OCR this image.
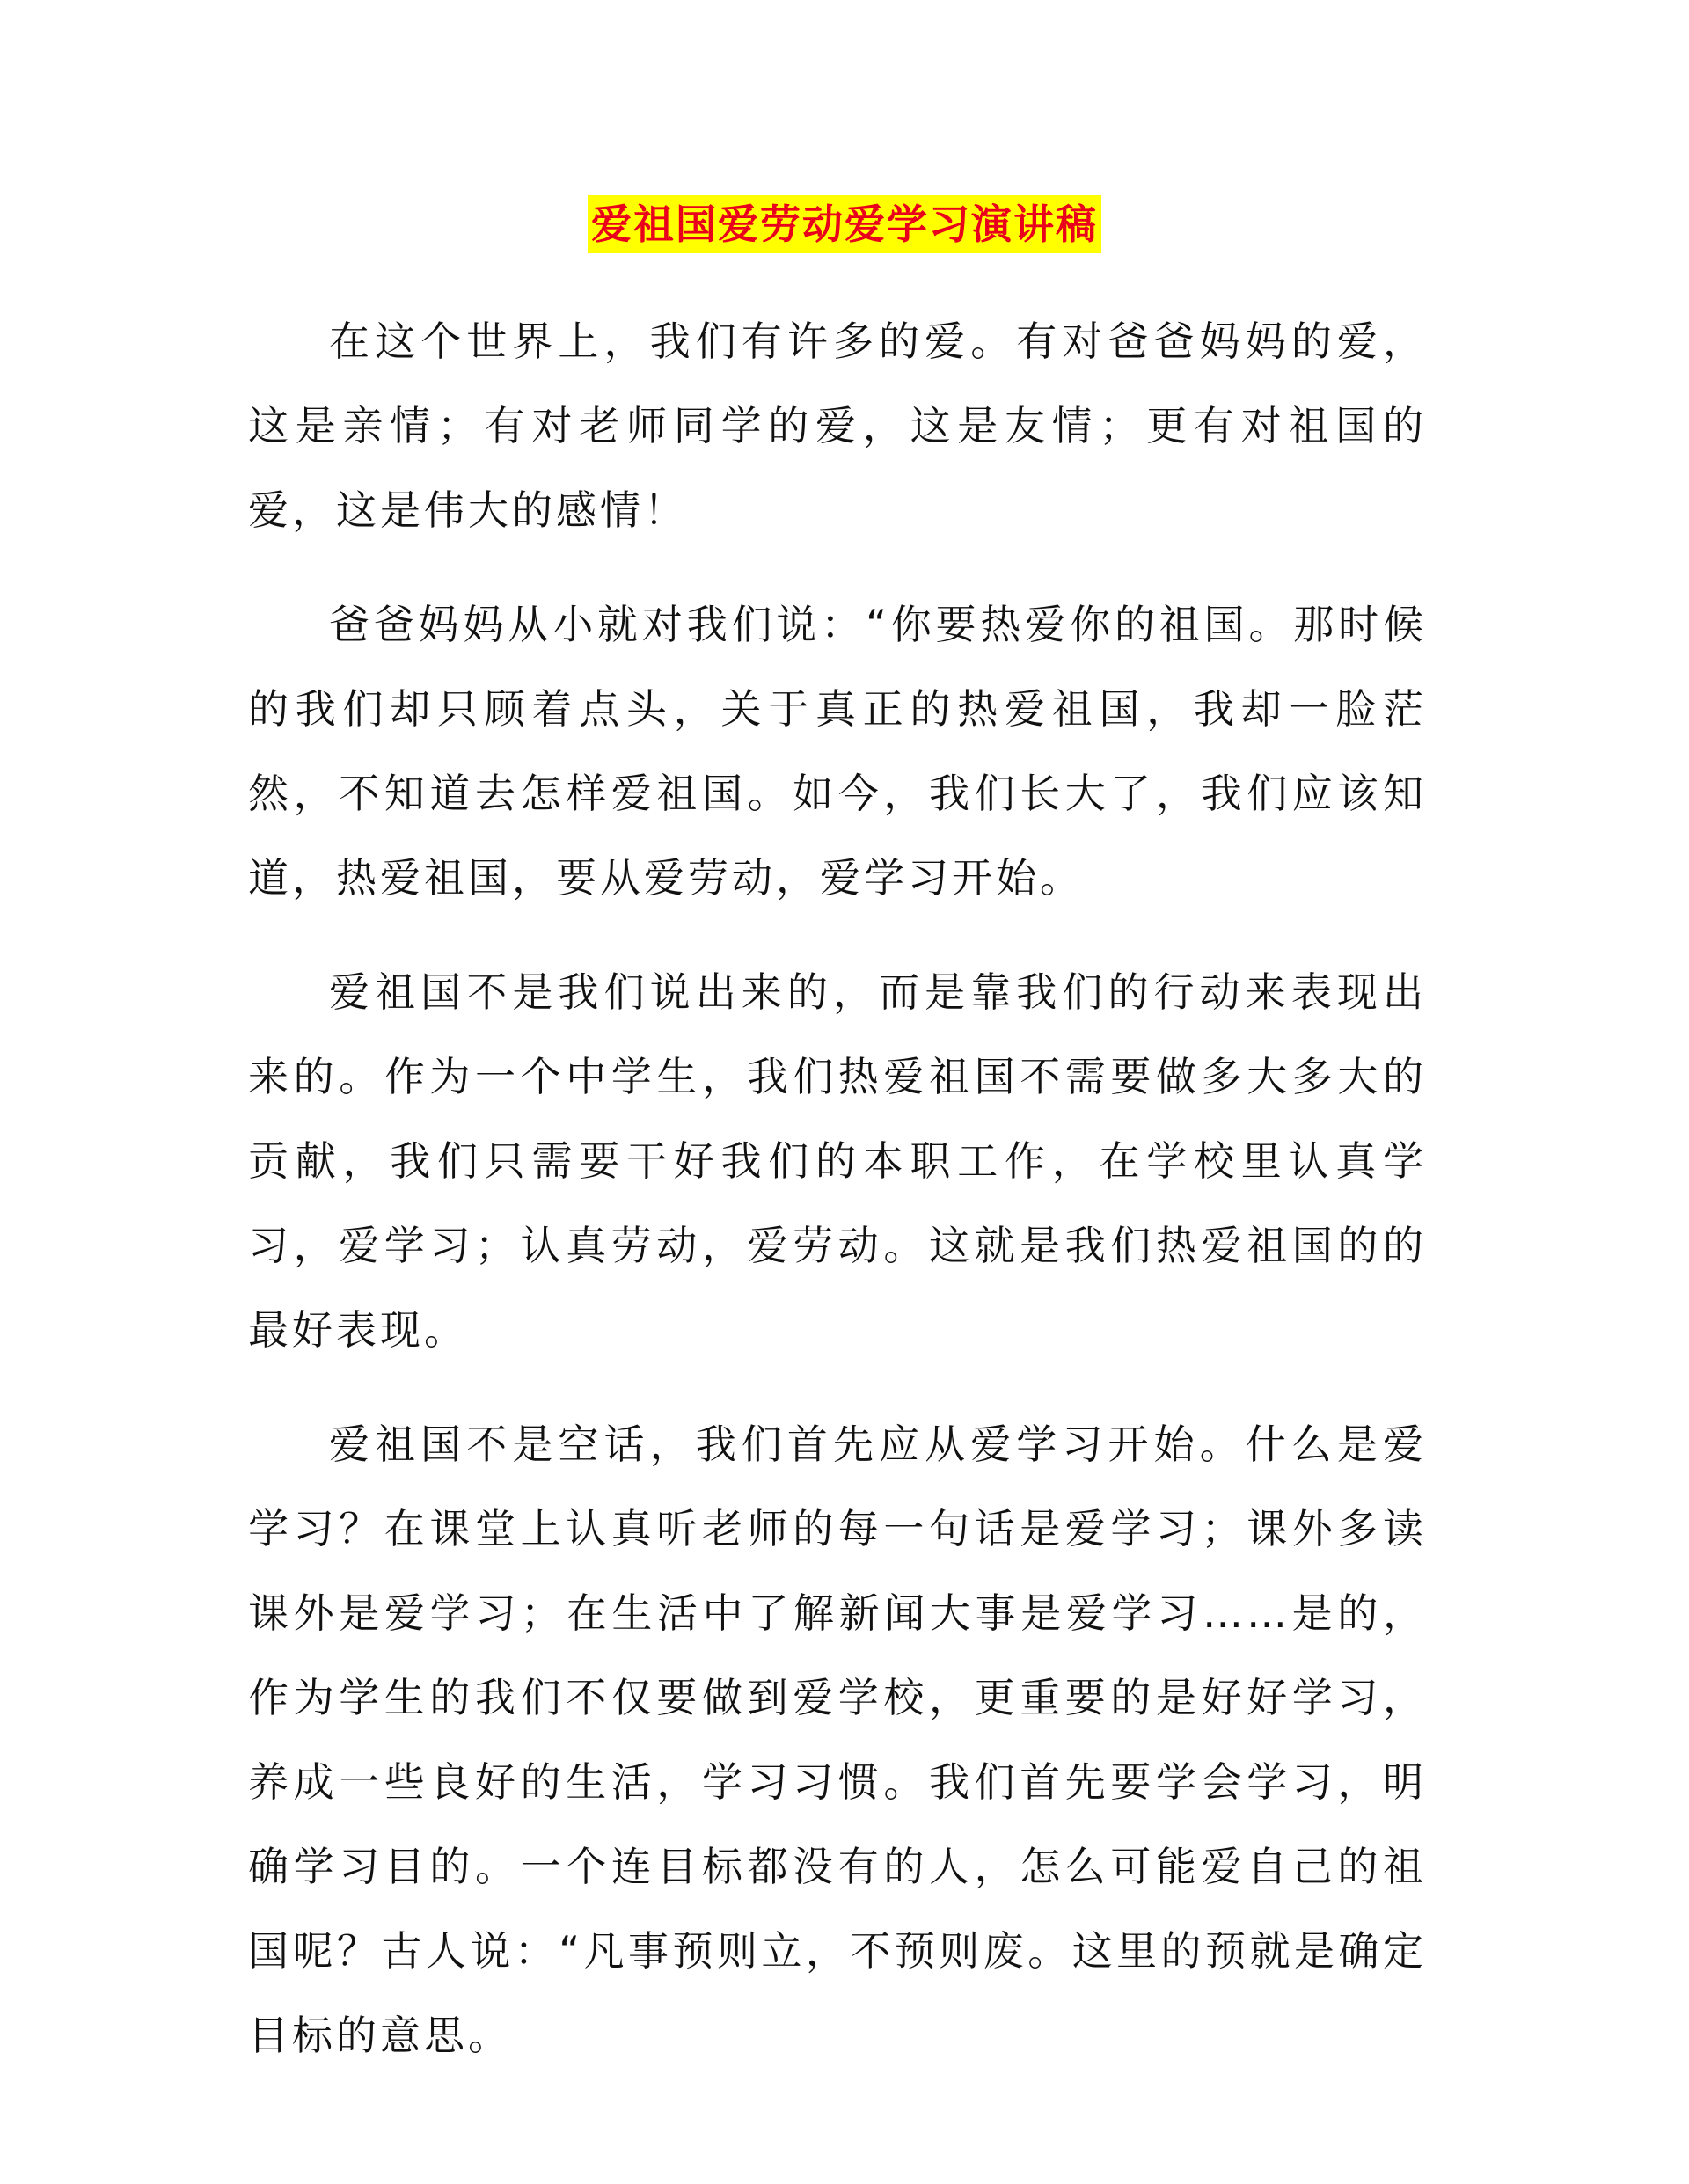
爱祖国爱劳动爱学习演讲稿

在这个世界上，我们有许多的爱。有对爸爸妈妈的爱，这是亲情；有对老师同学的爱，这是友情；更有对祖国的爱，这是伟大的感情！

爸爸妈妈从小就对我们说：“你要热爱你的祖国。那时候的我们却只顾着点头，关于真正的热爱祖国，我却一脸茫然，不知道去怎样爱祖国。如今，我们长大了，我们应该知道，热爱祖国，要从爱劳动，爱学习开始。

爱祖国不是我们说出来的，而是靠我们的行动来表现出来的。作为一个中学生，我们热爱祖国不需要做多大多大的贡献，我们只需要干好我们的本职工作，在学校里认真学习，爱学习；认真劳动，爱劳动。这就是我们热爱祖国的的最好表现。

爱祖国不是空话，我们首先应从爱学习开始。什么是爱学习？在课堂上认真听老师的每一句话是爱学习；课外多读课外是爱学习；在生活中了解新闻大事是爱学习……是的，作为学生的我们不仅要做到爱学校，更重要的是好好学习，养成一些良好的生活，学习习惯。我们首先要学会学习，明确学习目的。一个连目标都没有的人，怎么可能爱自己的祖国呢？古人说：“凡事预则立，不预则废。这里的预就是确定目标的意思。
